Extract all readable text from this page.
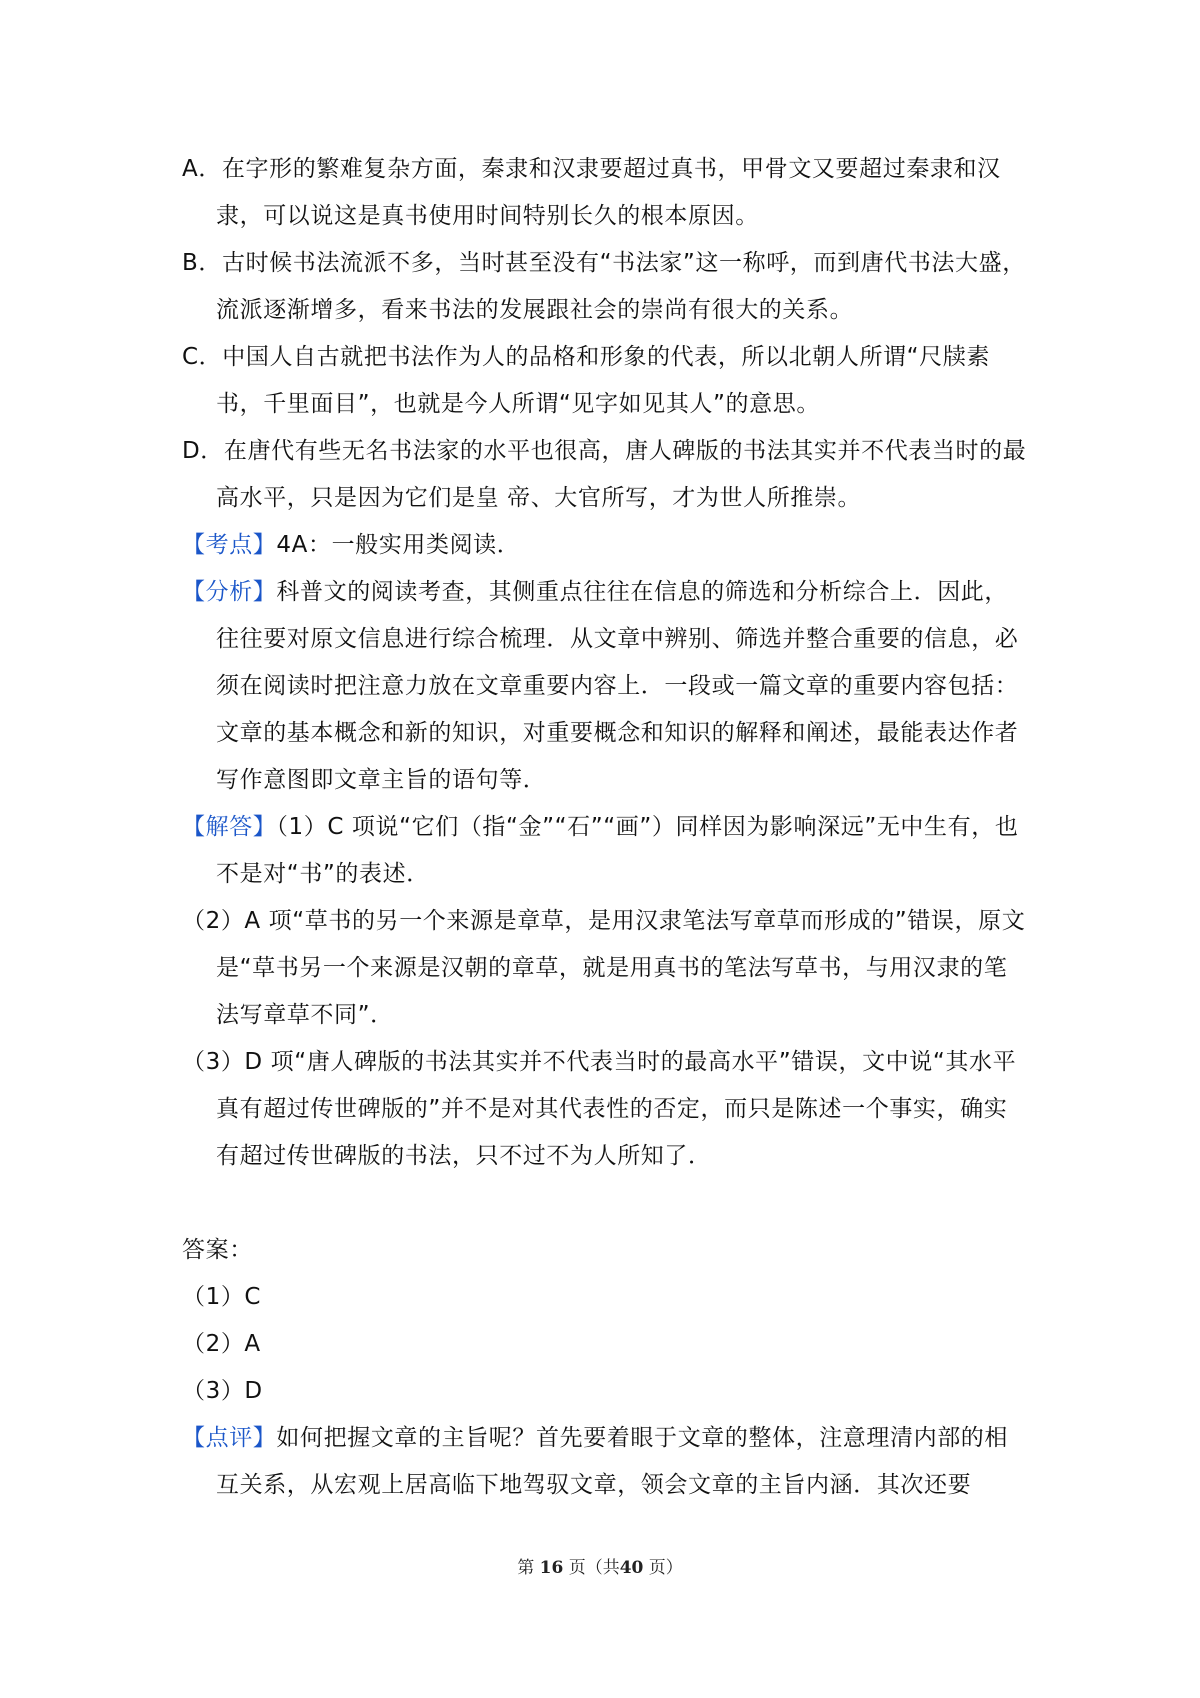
A．在字形的繁难复杂方面，秦隶和汉隶要超过真书，甲骨文又要超过秦隶和汉隶，可以说这是真书使用时间特别长久的根本原因。

B．古时候书法流派不多，当时甚至没有“书法家”这一称呼，而到唐代书法大盛，流派逐渐增多，看来书法的发展跟社会的崇尚有很大的关系。

C．中国人自古就把书法作为人的品格和形象的代表，所以北朝人所谓“尺牍素书，千里面目”，也就是今人所谓“见字如见其人”的意思。

D．在唐代有些无名书法家的水平也很高，唐人碑版的书法其实并不代表当时的最高水平，只是因为它们是皇 帝、大官所写，才为世人所推崇。

【考点】4A：一般实用类阅读．

【分析】科普文的阅读考查，其侧重点往往在信息的筛选和分析综合上．因此，往往要对原文信息进行综合梳理．从文章中辨别、筛选并整合重要的信息，必须在阅读时把注意力放在文章重要内容上．一段或一篇文章的重要内容包括：文章的基本概念和新的知识，对重要概念和知识的解释和阐述，最能表达作者写作意图即文章主旨的语句等．

【解答】（1）C 项说“它们（指“金”“石”“画”）同样因为影响深远”无中生有，也不是对“书”的表述．

（2）A 项“草书的另一个来源是章草，是用汉隶笔法写章草而形成的”错误，原文是“草书另一个来源是汉朝的章草，就是用真书的笔法写草书，与用汉隶的笔法写章草不同”．

（3）D 项“唐人碑版的书法其实并不代表当时的最高水平”错误，文中说“其水平真有超过传世碑版的”并不是对其代表性的否定，而只是陈述一个事实，确实有超过传世碑版的书法，只不过不为人所知了．

答案：

（1）C

（2）A

（3）D

【点评】如何把握文章的主旨呢？首先要着眼于文章的整体，注意理清内部的相互关系，从宏观上居高临下地驾驭文章，领会文章的主旨内涵．其次还要

第 16 页（共40 页）
